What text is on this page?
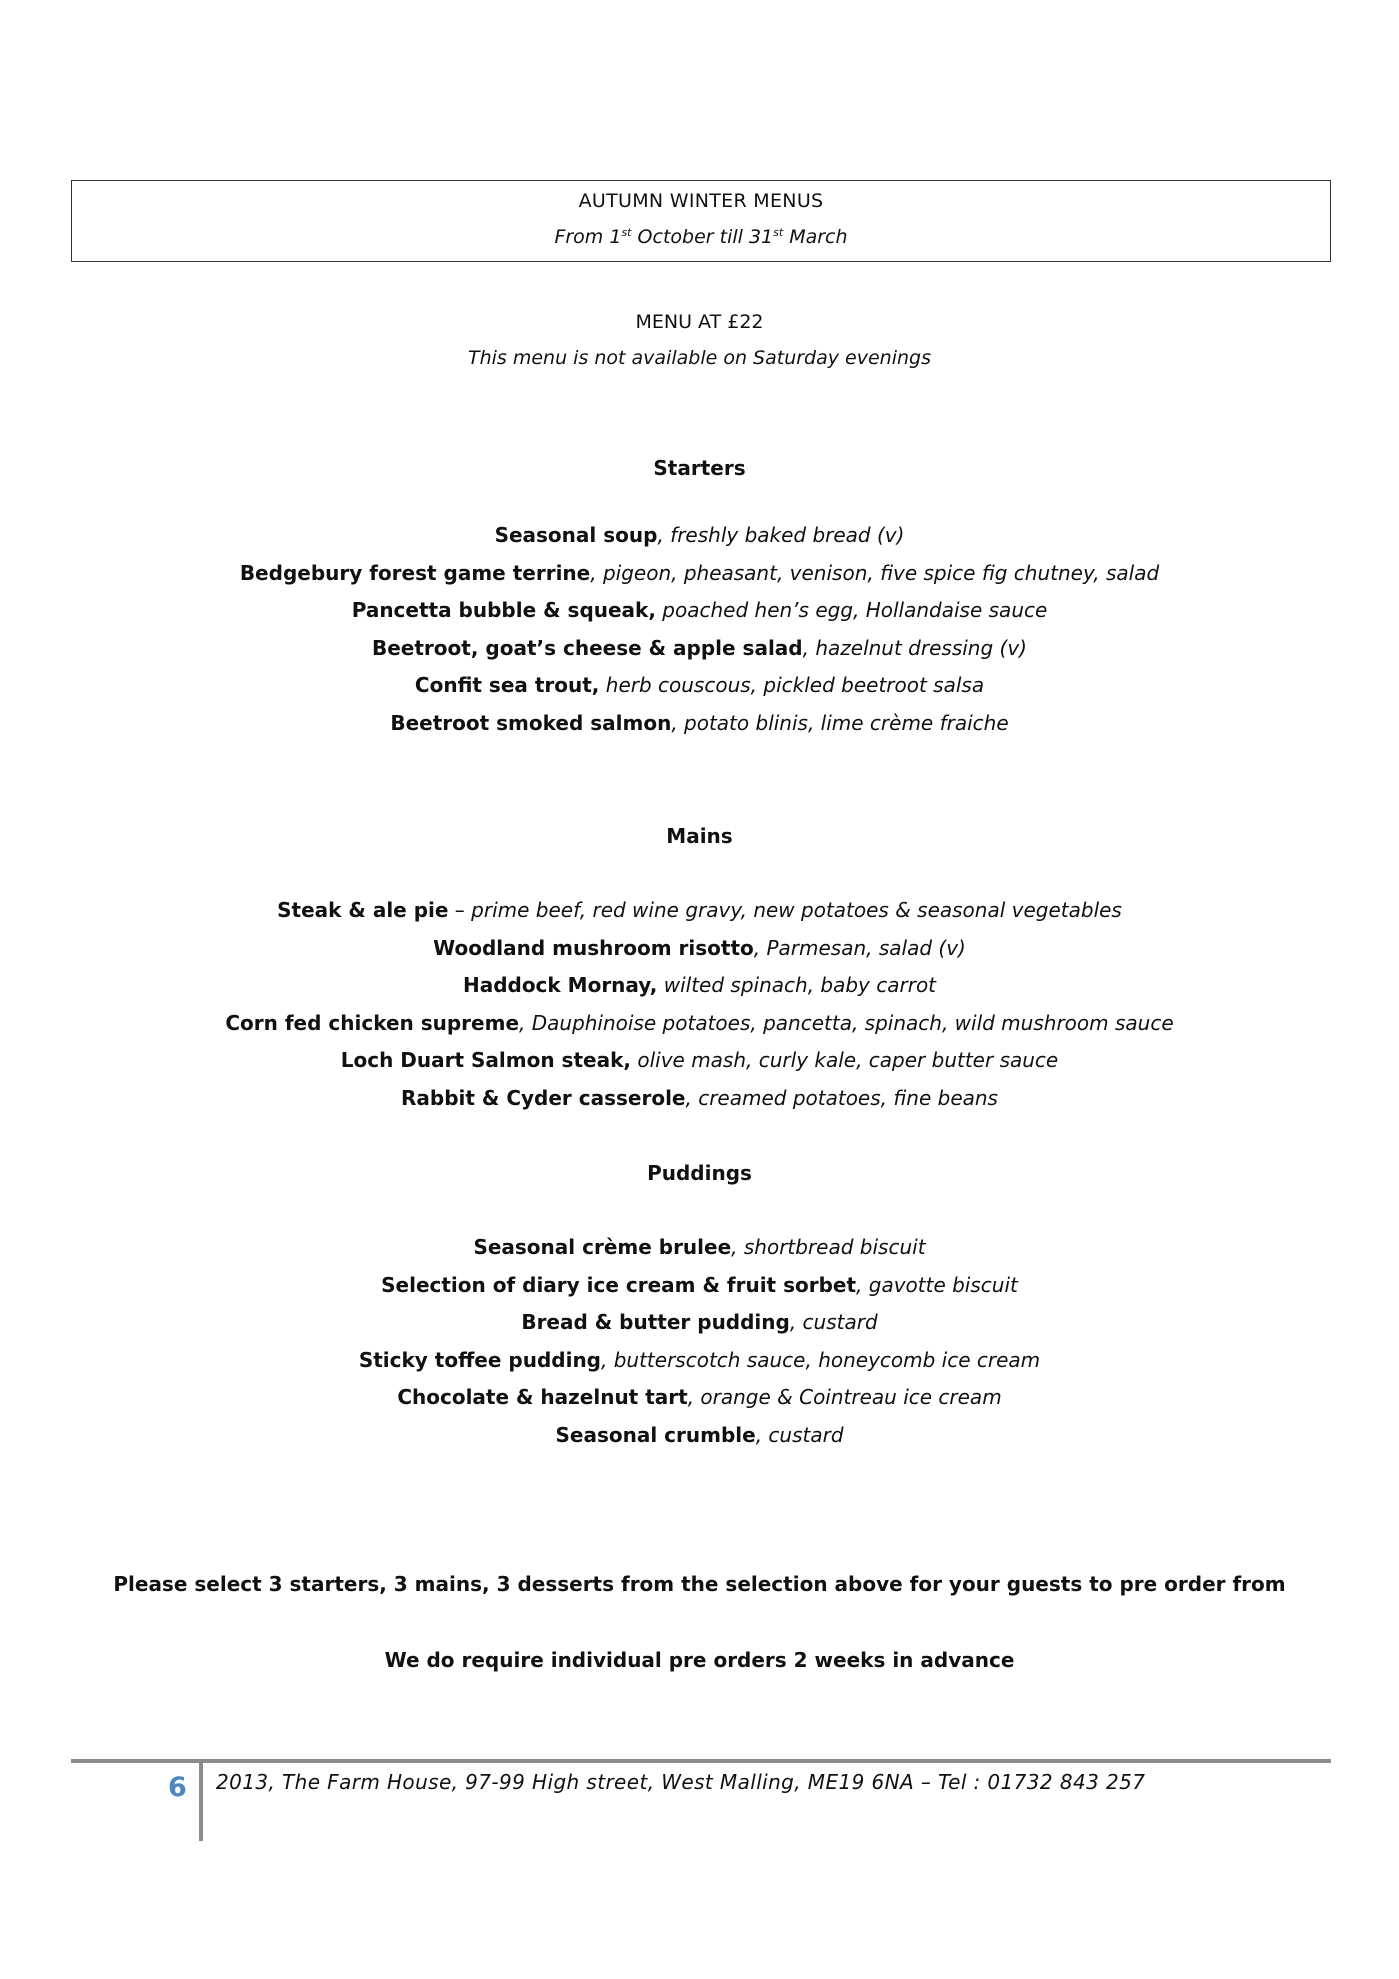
AUTUMN WINTER MENUS
From 1st October till 31st March
MENU AT £22
This menu is not available on Saturday evenings
Starters
Seasonal soup, freshly baked bread (v)
Bedgebury forest game terrine, pigeon, pheasant, venison, five spice fig chutney, salad
Pancetta bubble & squeak, poached hen’s egg, Hollandaise sauce
Beetroot, goat’s cheese & apple salad, hazelnut dressing (v)
Confit sea trout, herb couscous, pickled beetroot salsa
Beetroot smoked salmon, potato blinis, lime crème fraiche
Mains
Steak & ale pie – prime beef, red wine gravy, new potatoes & seasonal vegetables
Woodland mushroom risotto, Parmesan, salad (v)
Haddock Mornay, wilted spinach, baby carrot
Corn fed chicken supreme, Dauphinoise potatoes, pancetta, spinach, wild mushroom sauce
Loch Duart Salmon steak, olive mash, curly kale, caper butter sauce
Rabbit & Cyder casserole, creamed potatoes, fine beans
Puddings
Seasonal crème brulee, shortbread biscuit
Selection of diary ice cream & fruit sorbet, gavotte biscuit
Bread & butter pudding, custard
Sticky toffee pudding, butterscotch sauce, honeycomb ice cream
Chocolate & hazelnut tart, orange & Cointreau ice cream
Seasonal crumble, custard
Please select 3 starters, 3 mains, 3 desserts from the selection above for your guests to pre order from
We do require individual pre orders 2 weeks in advance
6 2013, The Farm House, 97-99 High street, West Malling, ME19 6NA – Tel : 01732 843 257
